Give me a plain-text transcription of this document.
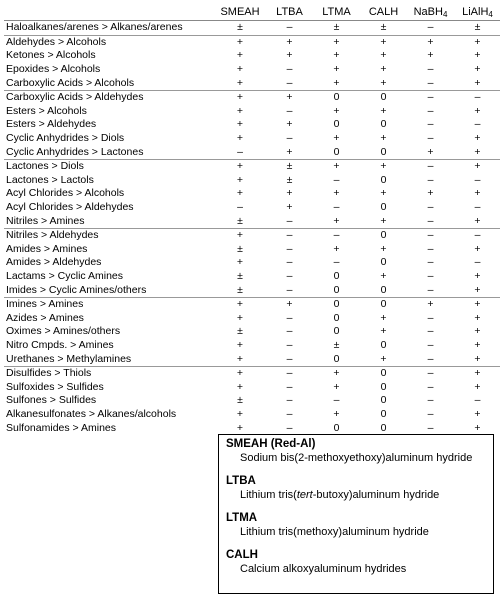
	SMEAH	LTBA	LTMA	CALH	NaBH$_4$	LiAlH$_4$
Haloalkanes/arenes > Alkanes/arenes	±	–	±	±	–	±
Aldehydes > Alcohols	+	+	+	+	+	+
Ketones > Alcohols	+	+	+	+	+	+
Epoxides > Alcohols	+	–	+	+	–	+
Carboxylic Acids > Alcohols	+	–	+	+	–	+
Carboxylic Acids > Aldehydes	+	+	0	0	–	–
Esters > Alcohols	+	–	+	+	–	+
Esters > Aldehydes	+	+	0	0	–	–
Cyclic Anhydrides > Diols	+	–	+	+	–	+
Cyclic Anhydrides > Lactones	–	+	0	0	+	+
Lactones > Diols	+	±	+	+	–	+
Lactones > Lactols	+	±	–	0	–	–
Acyl Chlorides > Alcohols	+	+	+	+	+	+
Acyl Chlorides > Aldehydes	–	+	–	0	–	–
Nitriles > Amines	±	–	+	+	–	+
Nitriles > Aldehydes	+	–	–	0	–	–
Amides > Amines	±	–	+	+	–	+
Amides > Aldehydes	+	–	–	0	–	–
Lactams > Cyclic Amines	±	–	0	+	–	+
Imides > Cyclic Amines/others	±	–	0	0	–	+
Imines > Amines	+	+	0	0	+	+
Azides > Amines	+	–	0	+	–	+
Oximes > Amines/others	±	–	0	+	–	+
Nitro Cmpds. > Amines	+	–	±	0	–	+
Urethanes > Methylamines	+	–	0	+	–	+
Disulfides > Thiols	+	–	+	0	–	+
Sulfoxides > Sulfides	+	–	+	0	–	+
Sulfones > Sulfides	±	–	–	0	–	–
Alkanesulfonates > Alkanes/alcohols	+	–	+	0	–	+
Sulfonamides > Amines	+	–	0	0	–	+
SMEAH (Red-Al)
Sodium bis(2-methoxyethoxy)aluminum hydride
LTBA
Lithium tris(tert-butoxy)aluminum hydride
LTMA
Lithium tris(methoxy)aluminum hydride
CALH
Calcium alkoxyaluminum hydrides
